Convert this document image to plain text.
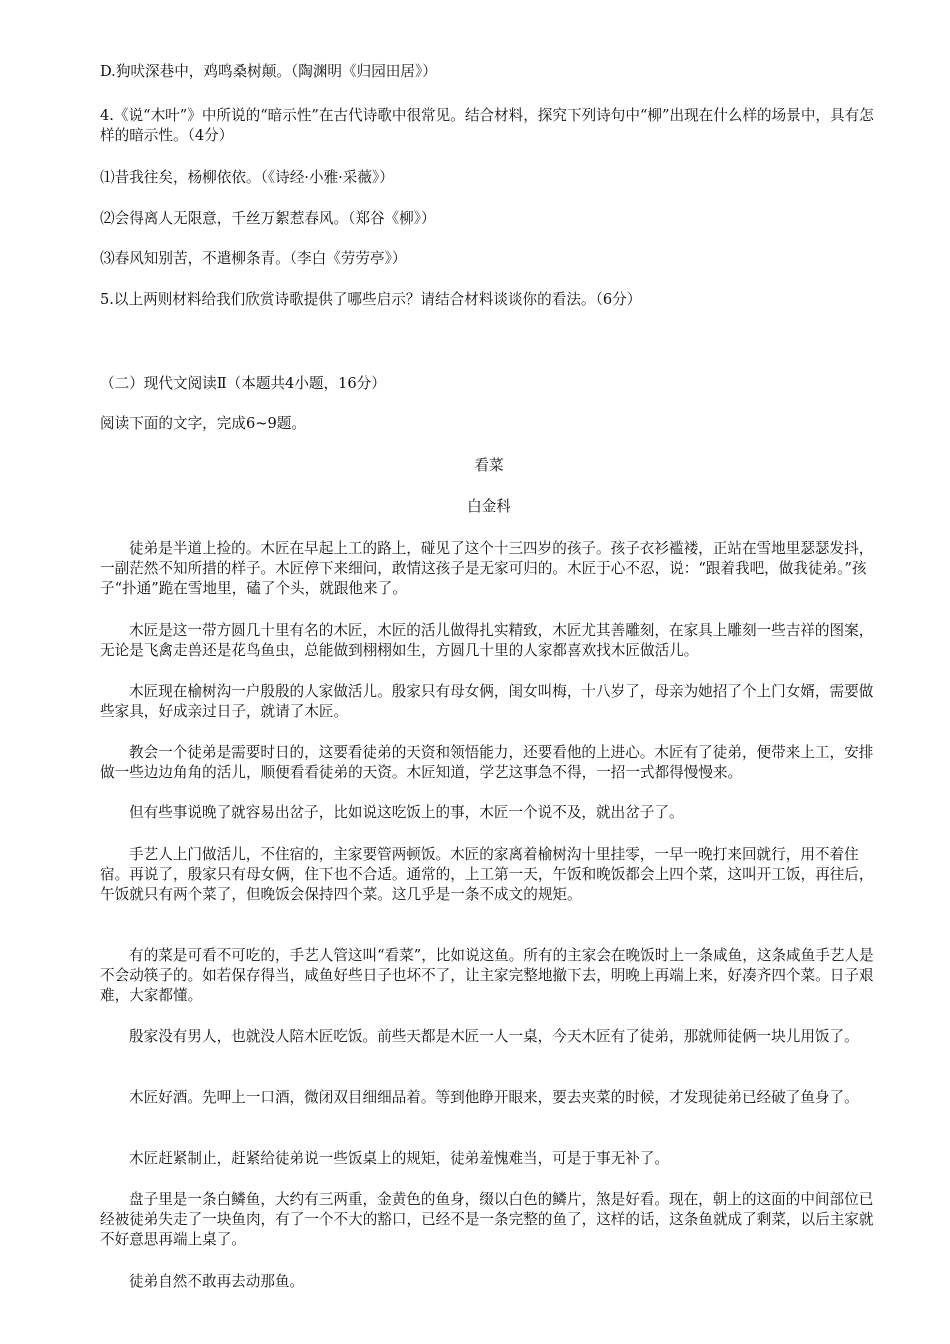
D.狗吠深巷中，鸡鸣桑树颠。（陶渊明《归园田居》）

4.《说“木叶”》中所说的“暗示性”在古代诗歌中很常见。结合材料，探究下列诗句中“柳”出现在什么样的场景中，具有怎样的暗示性。（4分）

⑴昔我往矣，杨柳依依。（《诗经·小雅·采薇》）
⑵会得离人无限意，千丝万絮惹春风。（郑谷《柳》）
⑶春风知别苦，不遣柳条青。（李白《劳劳亭》）
5.以上两则材料给我们欣赏诗歌提供了哪些启示？请结合材料谈谈你的看法。（6分）
（二）现代文阅读Ⅱ（本题共4小题，16分）
阅读下面的文字，完成6~9题。
看菜
白金科

徒弟是半道上捡的。木匠在早起上工的路上，碰见了这个十三四岁的孩子。孩子衣衫褴褛，正站在雪地里瑟瑟发抖，一副茫然不知所措的样子。木匠停下来细问，敢情这孩子是无家可归的。木匠于心不忍，说：“跟着我吧，做我徒弟。”孩子“扑通”跪在雪地里，磕了个头，就跟他来了。

木匠是这一带方圆几十里有名的木匠，木匠的活儿做得扎实精致，木匠尤其善雕刻，在家具上雕刻一些吉祥的图案，无论是飞禽走兽还是花鸟鱼虫，总能做到栩栩如生，方圆几十里的人家都喜欢找木匠做活儿。

木匠现在榆树沟一户殷殷的人家做活儿。殷家只有母女俩，闺女叫梅，十八岁了，母亲为她招了个上门女婿，需要做些家具，好成亲过日子，就请了木匠。

教会一个徒弟是需要时日的，这要看徒弟的天资和领悟能力，还要看他的上进心。木匠有了徒弟，便带来上工，安排做一些边边角角的活儿，顺便看看徒弟的天资。木匠知道，学艺这事急不得，一招一式都得慢慢来。

但有些事说晚了就容易出岔子，比如说这吃饭上的事，木匠一个说不及，就出岔子了。

手艺人上门做活儿，不住宿的，主家要管两顿饭。木匠的家离着榆树沟十里挂零，一早一晚打来回就行，用不着住宿。再说了，殷家只有母女俩，住下也不合适。通常的，上工第一天，午饭和晚饭都会上四个菜，这叫开工饭，再往后，午饭就只有两个菜了，但晚饭会保持四个菜。这几乎是一条不成文的规矩。

有的菜是可看不可吃的，手艺人管这叫“看菜”，比如说这鱼。所有的主家会在晚饭时上一条咸鱼，这条咸鱼手艺人是不会动筷子的。如若保存得当，咸鱼好些日子也坏不了，让主家完整地撤下去，明晚上再端上来，好凑齐四个菜。日子艰难，大家都懂。

殷家没有男人，也就没人陪木匠吃饭。前些天都是木匠一人一桌，今天木匠有了徒弟，那就师徒俩一块儿用饭了。

木匠好酒。先呷上一口酒，微闭双目细细品着。等到他睁开眼来，要去夹菜的时候，才发现徒弟已经破了鱼身了。

木匠赶紧制止，赶紧给徒弟说一些饭桌上的规矩，徒弟羞愧难当，可是于事无补了。

盘子里是一条白鳞鱼，大约有三两重，金黄色的鱼身，缀以白色的鳞片，煞是好看。现在，朝上的这面的中间部位已经被徒弟失走了一块鱼肉，有了一个不大的豁口，已经不是一条完整的鱼了，这样的话，这条鱼就成了剩菜，以后主家就不好意思再端上桌了。

徒弟自然不敢再去动那鱼。
